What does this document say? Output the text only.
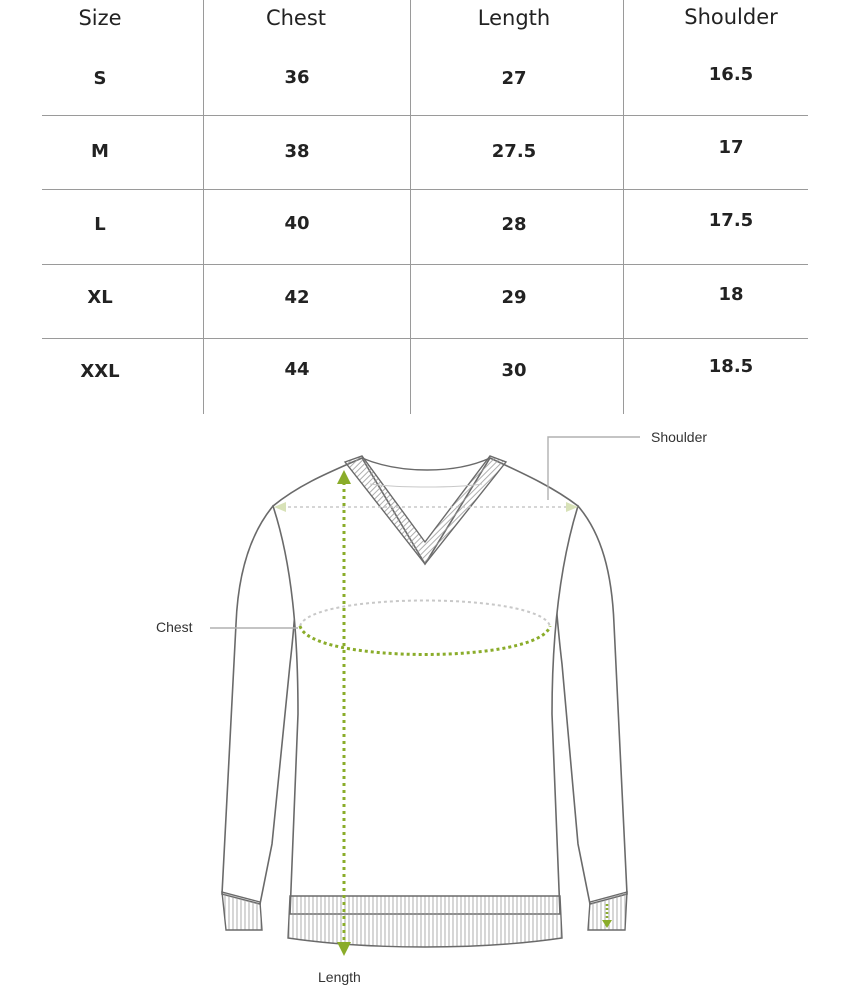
Size	Chest	Length	Shoulder
S	36	27	16.5
M	38	27.5	17
L	40	28	17.5
XL	42	29	18
XXL	44	30	18.5
Shoulder
Chest
Length
